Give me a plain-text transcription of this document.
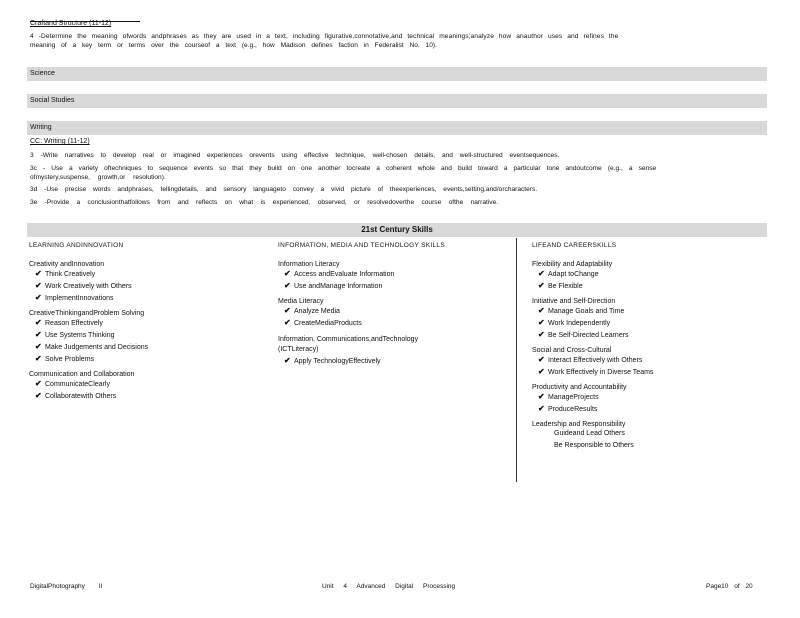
Craftand Structure (11-12)
4 -Determine the meaning ofwords andphrases as they are used in a text, including figurative,connotative,and technical meanings;analyze how anauthor uses and refines the
meaning of a key term or terms over the courseof a text (e.g., how Madison defines faction in Federalist No. 10).
Science
Social Studies
Writing
CC: Writing (11-12)
3 -Write narratives to develop real or imagined experiences orevents using effective technique, well-chosen details, and well-structured eventsequences.
3c - Use a variety oftechniques to sequence events so that they build on one another tocreate a coherent whole and build toward a particular tone andoutcome (e.g., a sense
ofmystery,suspense, growth,or resolution).
3d -Use precise words andphrases, tellingdetails, and sensory languageto convey a vivid picture of theexperiences, events,setting,and/orcharacters.
3e -Provide a conclusionthatfollows from and reflects on what is experienced, observed, or resolvedoverthe course ofthe narrative.
21st Century Skills
LEARNING ANDINNOVATION
Creativity andInnovation
✔ Think Creatively
✔ Work Creatively with Others
✔ ImplementInnovations
CreativeThinkingandProblem Solving
✔ Reason Effectively
✔ Use Systems Thinking
✔ Make Judgements and Decisions
✔ Solve Problems
Communication and Collaboration
✔ CommunicateClearly
✔ Collaboratewith Others
INFORMATION, MEDIA AND TECHNOLOGY SKILLS
Information Literacy
✔ Access andEvaluate Information
✔ Use andManage Information
Media Literacy
✔ Analyze Media
✔ CreateMediaProducts
Information, Communications,andTechnology (ICTLiteracy)
✔ Apply TechnologyEffectively
LIFEAND CAREERSKILLS
Flexibility and Adaptability
✔ Adapt toChange
✔ Be Flexible
Initiative and Self-Direction
✔ Manage Goals and Time
✔ Work Independently
✔ Be Self-Directed Learners
Social and Cross-Cultural
✔ Interact Effectively with Others
✔ Work Effectively in Diverse Teams
Productivity and Accountability
✔ ManageProjects
✔ ProduceResults
Leadership and Responsibility
Guideand Lead Others
Be Responsible to Others
DigitalPhotography II	Unit 4 Advanced Digital Processing	Page10 of 20
